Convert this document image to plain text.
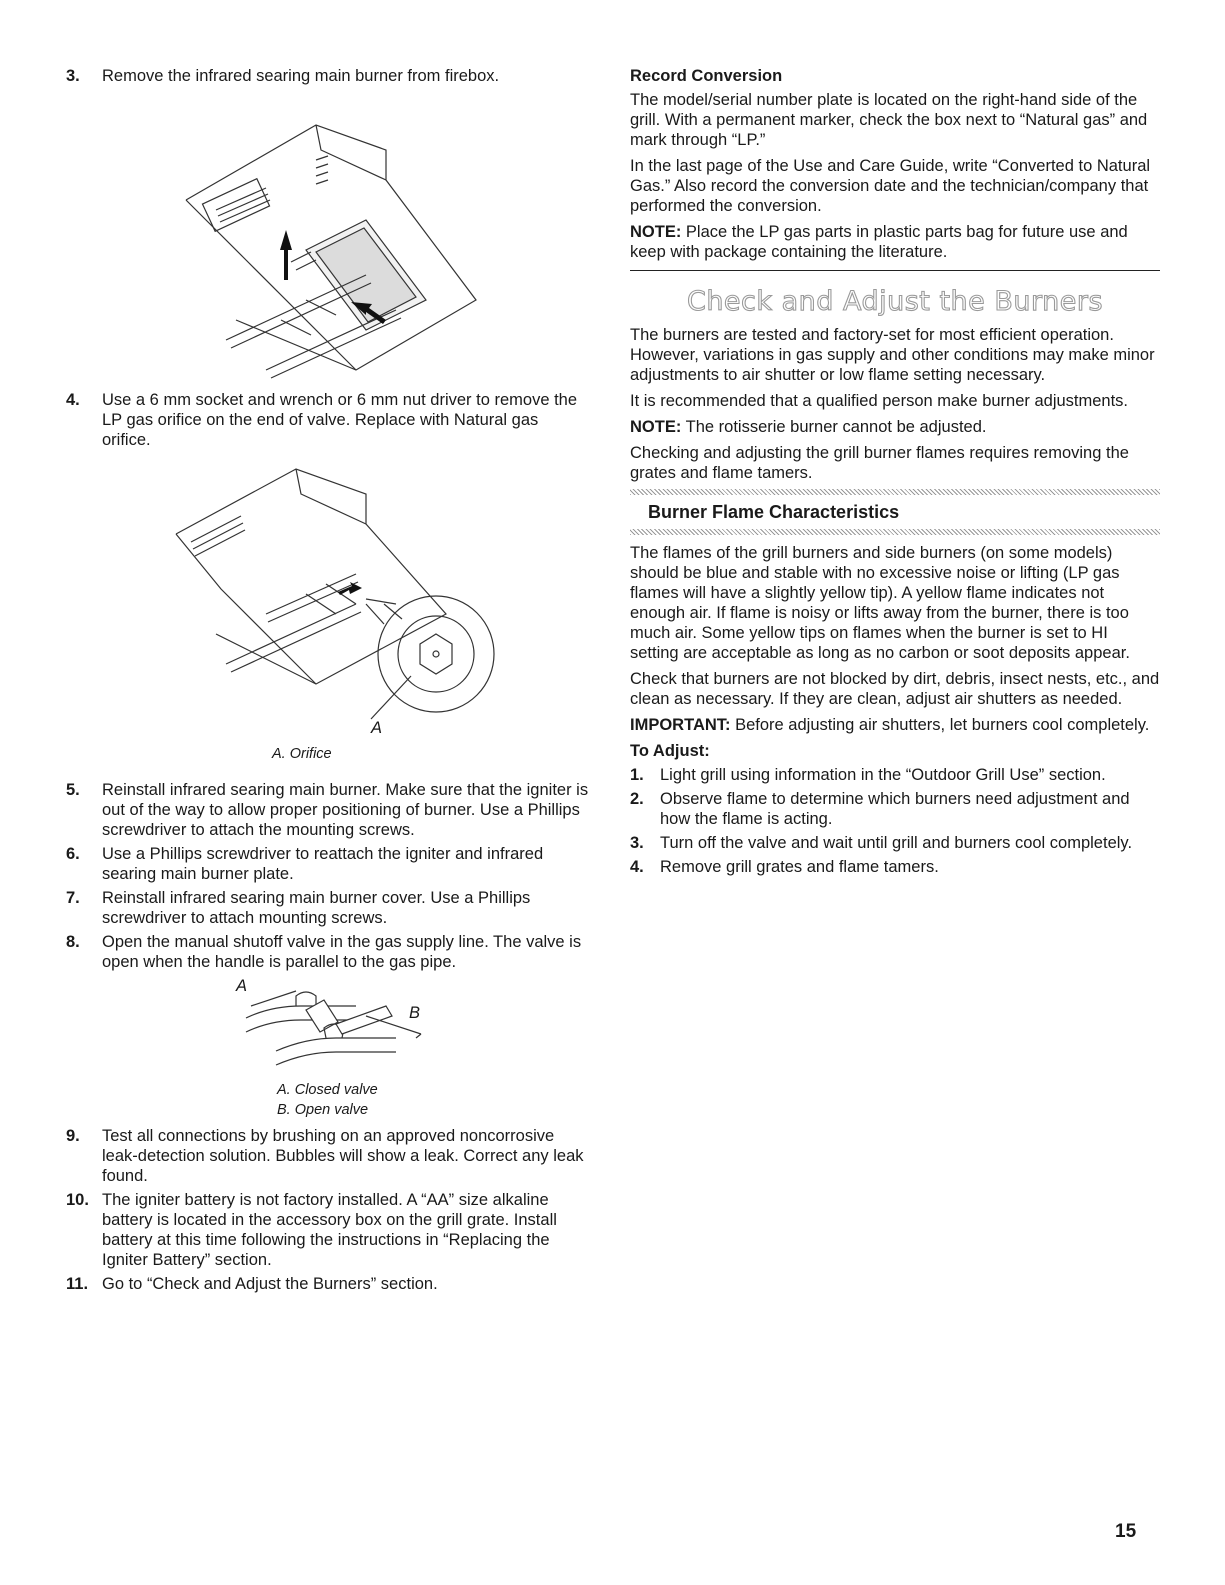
3.	Remove the infrared searing main burner from firebox.
4.	Use a 6 mm socket and wrench or 6 mm nut driver to remove the LP gas orifice on the end of valve. Replace with Natural gas orifice.
A
A. Orifice
5.	Reinstall infrared searing main burner. Make sure that the igniter is out of the way to allow proper positioning of burner. Use a Phillips screwdriver to attach the mounting screws.
6.	Use a Phillips screwdriver to reattach the igniter and infrared searing main burner plate.
7.	Reinstall infrared searing main burner cover. Use a Phillips screwdriver to attach mounting screws.
8.	Open the manual shutoff valve in the gas supply line. The valve is open when the handle is parallel to the gas pipe.
A
B
A. Closed valve
B. Open valve
9.	Test all connections by brushing on an approved noncorrosive leak-detection solution. Bubbles will show a leak. Correct any leak found.
10. The igniter battery is not factory installed. A “AA” size alkaline battery is located in the accessory box on the grill grate. Install battery at this time following the instructions in “Replacing the Igniter Battery” section.
11. Go to “Check and Adjust the Burners” section.
Record Conversion

The model/serial number plate is located on the right-hand side of the grill. With a permanent marker, check the box next to “Natural gas” and mark through “LP.”

In the last page of the Use and Care Guide, write “Converted to Natural Gas.” Also record the conversion date and the technician/company that performed the conversion.

NOTE: Place the LP gas parts in plastic parts bag for future use and keep with package containing the literature.

Check and Adjust the Burners

The burners are tested and factory-set for most efficient operation. However, variations in gas supply and other conditions may make minor adjustments to air shutter or low flame setting necessary.

It is recommended that a qualified person make burner adjustments.

NOTE: The rotisserie burner cannot be adjusted.

Checking and adjusting the grill burner flames requires removing the grates and flame tamers.

Burner Flame Characteristics

The flames of the grill burners and side burners (on some models) should be blue and stable with no excessive noise or lifting (LP gas flames will have a slightly yellow tip). A yellow flame indicates not enough air. If flame is noisy or lifts away from the burner, there is too much air. Some yellow tips on flames when the burner is set to HI setting are acceptable as long as no carbon or soot deposits appear.

Check that burners are not blocked by dirt, debris, insect nests, etc., and clean as necessary. If they are clean, adjust air shutters as needed.

IMPORTANT: Before adjusting air shutters, let burners cool completely.

To Adjust:
1. Light grill using information in the “Outdoor Grill Use” section.
2. Observe flame to determine which burners need adjustment and how the flame is acting.
3. Turn off the valve and wait until grill and burners cool completely.
4. Remove grill grates and flame tamers.
15
